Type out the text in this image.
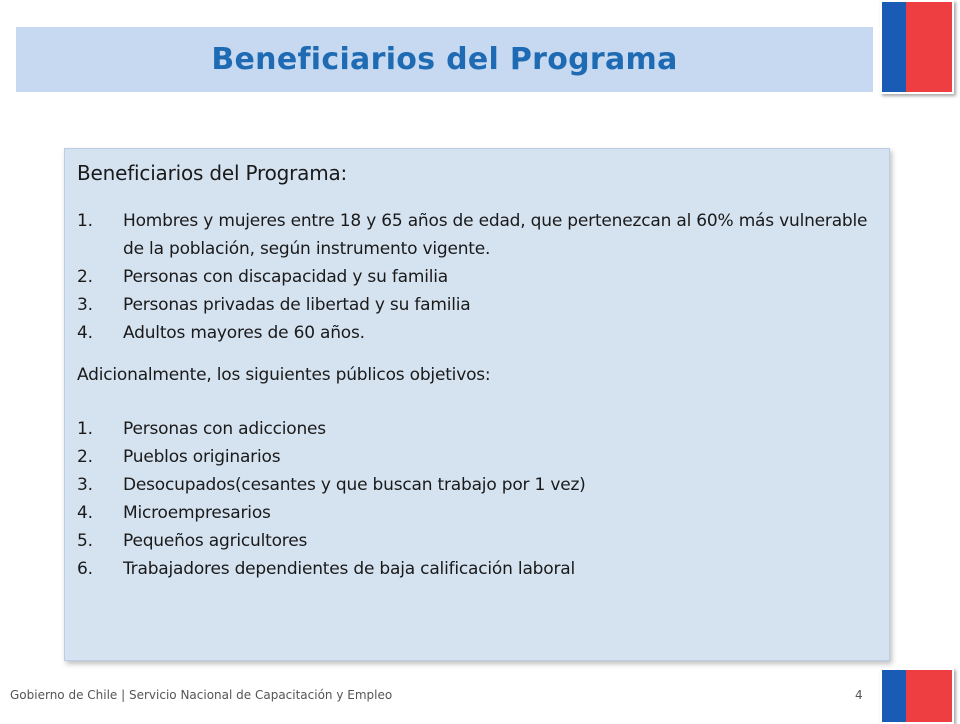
Beneficiarios del Programa

Beneficiarios del Programa:

1.	Hombres y mujeres entre 18 y 65 años de edad, que pertenezcan al 60% más vulnerable de la población, según instrumento vigente.
2.	Personas con discapacidad y su familia
3.	Personas privadas de libertad y su familia
4.	Adultos mayores de 60 años.

Adicionalmente, los siguientes públicos objetivos:

1.	Personas con adicciones
2.	Pueblos originarios
3.	Desocupados(cesantes y que buscan trabajo por 1 vez)
4.	Microempresarios
5.	Pequeños agricultores
6.	Trabajadores dependientes de baja calificación laboral
Gobierno de Chile | Servicio Nacional de Capacitación y Empleo	4
